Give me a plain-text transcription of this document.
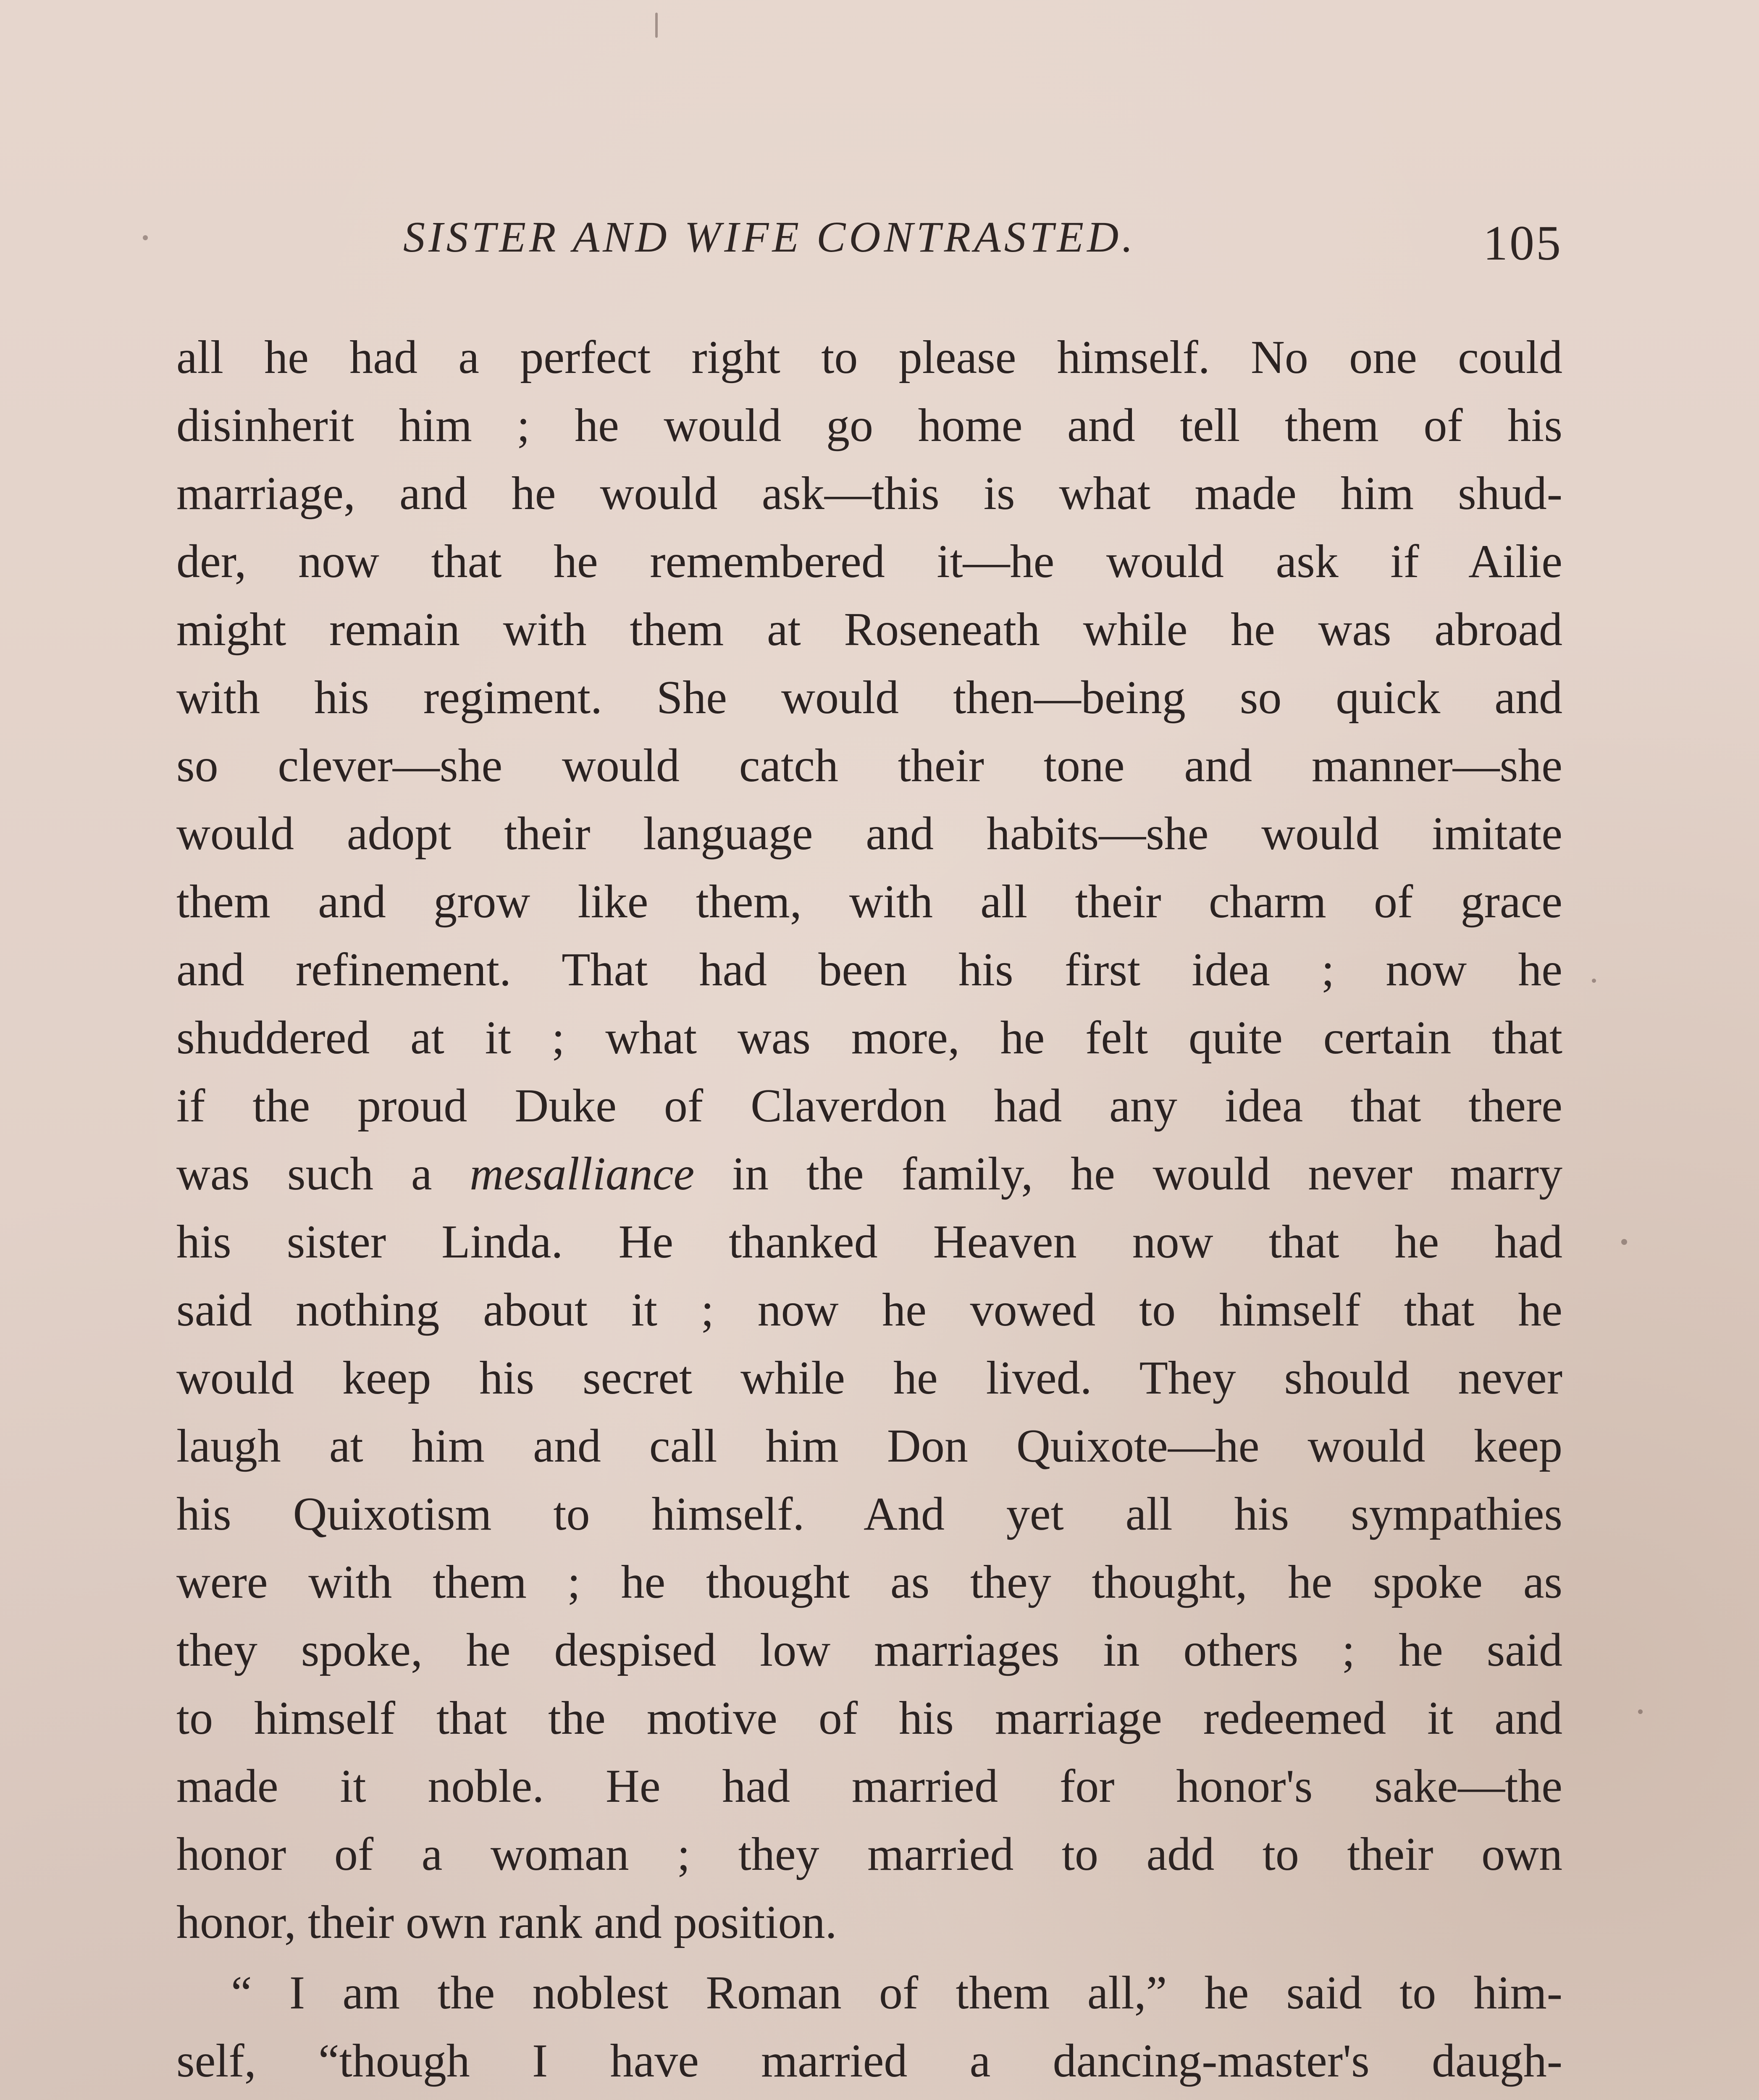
SISTER AND WIFE CONTRASTED.	105
all he had a perfect right to please himself. No one could
disinherit him ; he would go home and tell them of his
marriage, and he would ask—this is what made him shud-
der, now that he remembered it—he would ask if Ailie
might remain with them at Roseneath while he was abroad
with his regiment. She would then—being so quick and
so clever—she would catch their tone and manner—she
would adopt their language and habits—she would imitate
them and grow like them, with all their charm of grace
and refinement. That had been his first idea ; now he
shuddered at it ; what was more, he felt quite certain that
if the proud Duke of Claverdon had any idea that there
was such a mesalliance in the family, he would never marry
his sister Linda. He thanked Heaven now that he had
said nothing about it ; now he vowed to himself that he
would keep his secret while he lived. They should never
laugh at him and call him Don Quixote—he would keep
his Quixotism to himself. And yet all his sympathies
were with them ; he thought as they thought, he spoke as
they spoke, he despised low marriages in others ; he said
to himself that the motive of his marriage redeemed it and
made it noble. He had married for honor's sake—the
honor of a woman ; they married to add to their own
honor, their own rank and position.
“ I am the noblest Roman of them all,” he said to him-
self, “though I have married a dancing-master's daugh-
